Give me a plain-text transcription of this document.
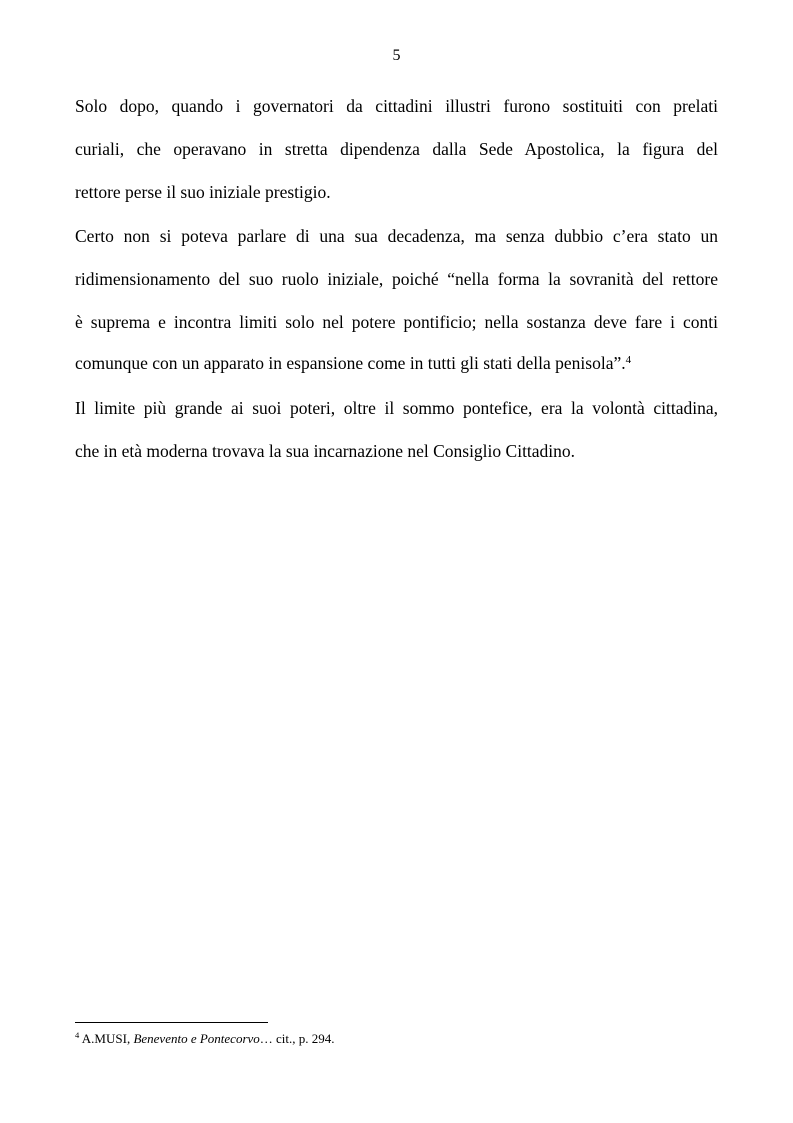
5
Solo dopo, quando i governatori da cittadini illustri furono sostituiti con prelati
curiali, che operavano in stretta dipendenza dalla Sede Apostolica, la figura del
rettore perse il suo iniziale prestigio.
Certo non si poteva parlare di una sua decadenza, ma senza dubbio c’era stato un
ridimensionamento del suo ruolo iniziale, poiché “nella forma la sovranità del rettore
è suprema e incontra limiti solo nel potere pontificio; nella sostanza deve fare i conti
comunque con un apparato in espansione come in tutti gli stati della penisola”.$^4$
Il limite più grande ai suoi poteri, oltre il sommo pontefice, era la volontà cittadina,
che in età moderna trovava la sua incarnazione nel Consiglio Cittadino.
$^4$ A.MUSI, Benevento e Pontecorvo… cit., p. 294.
